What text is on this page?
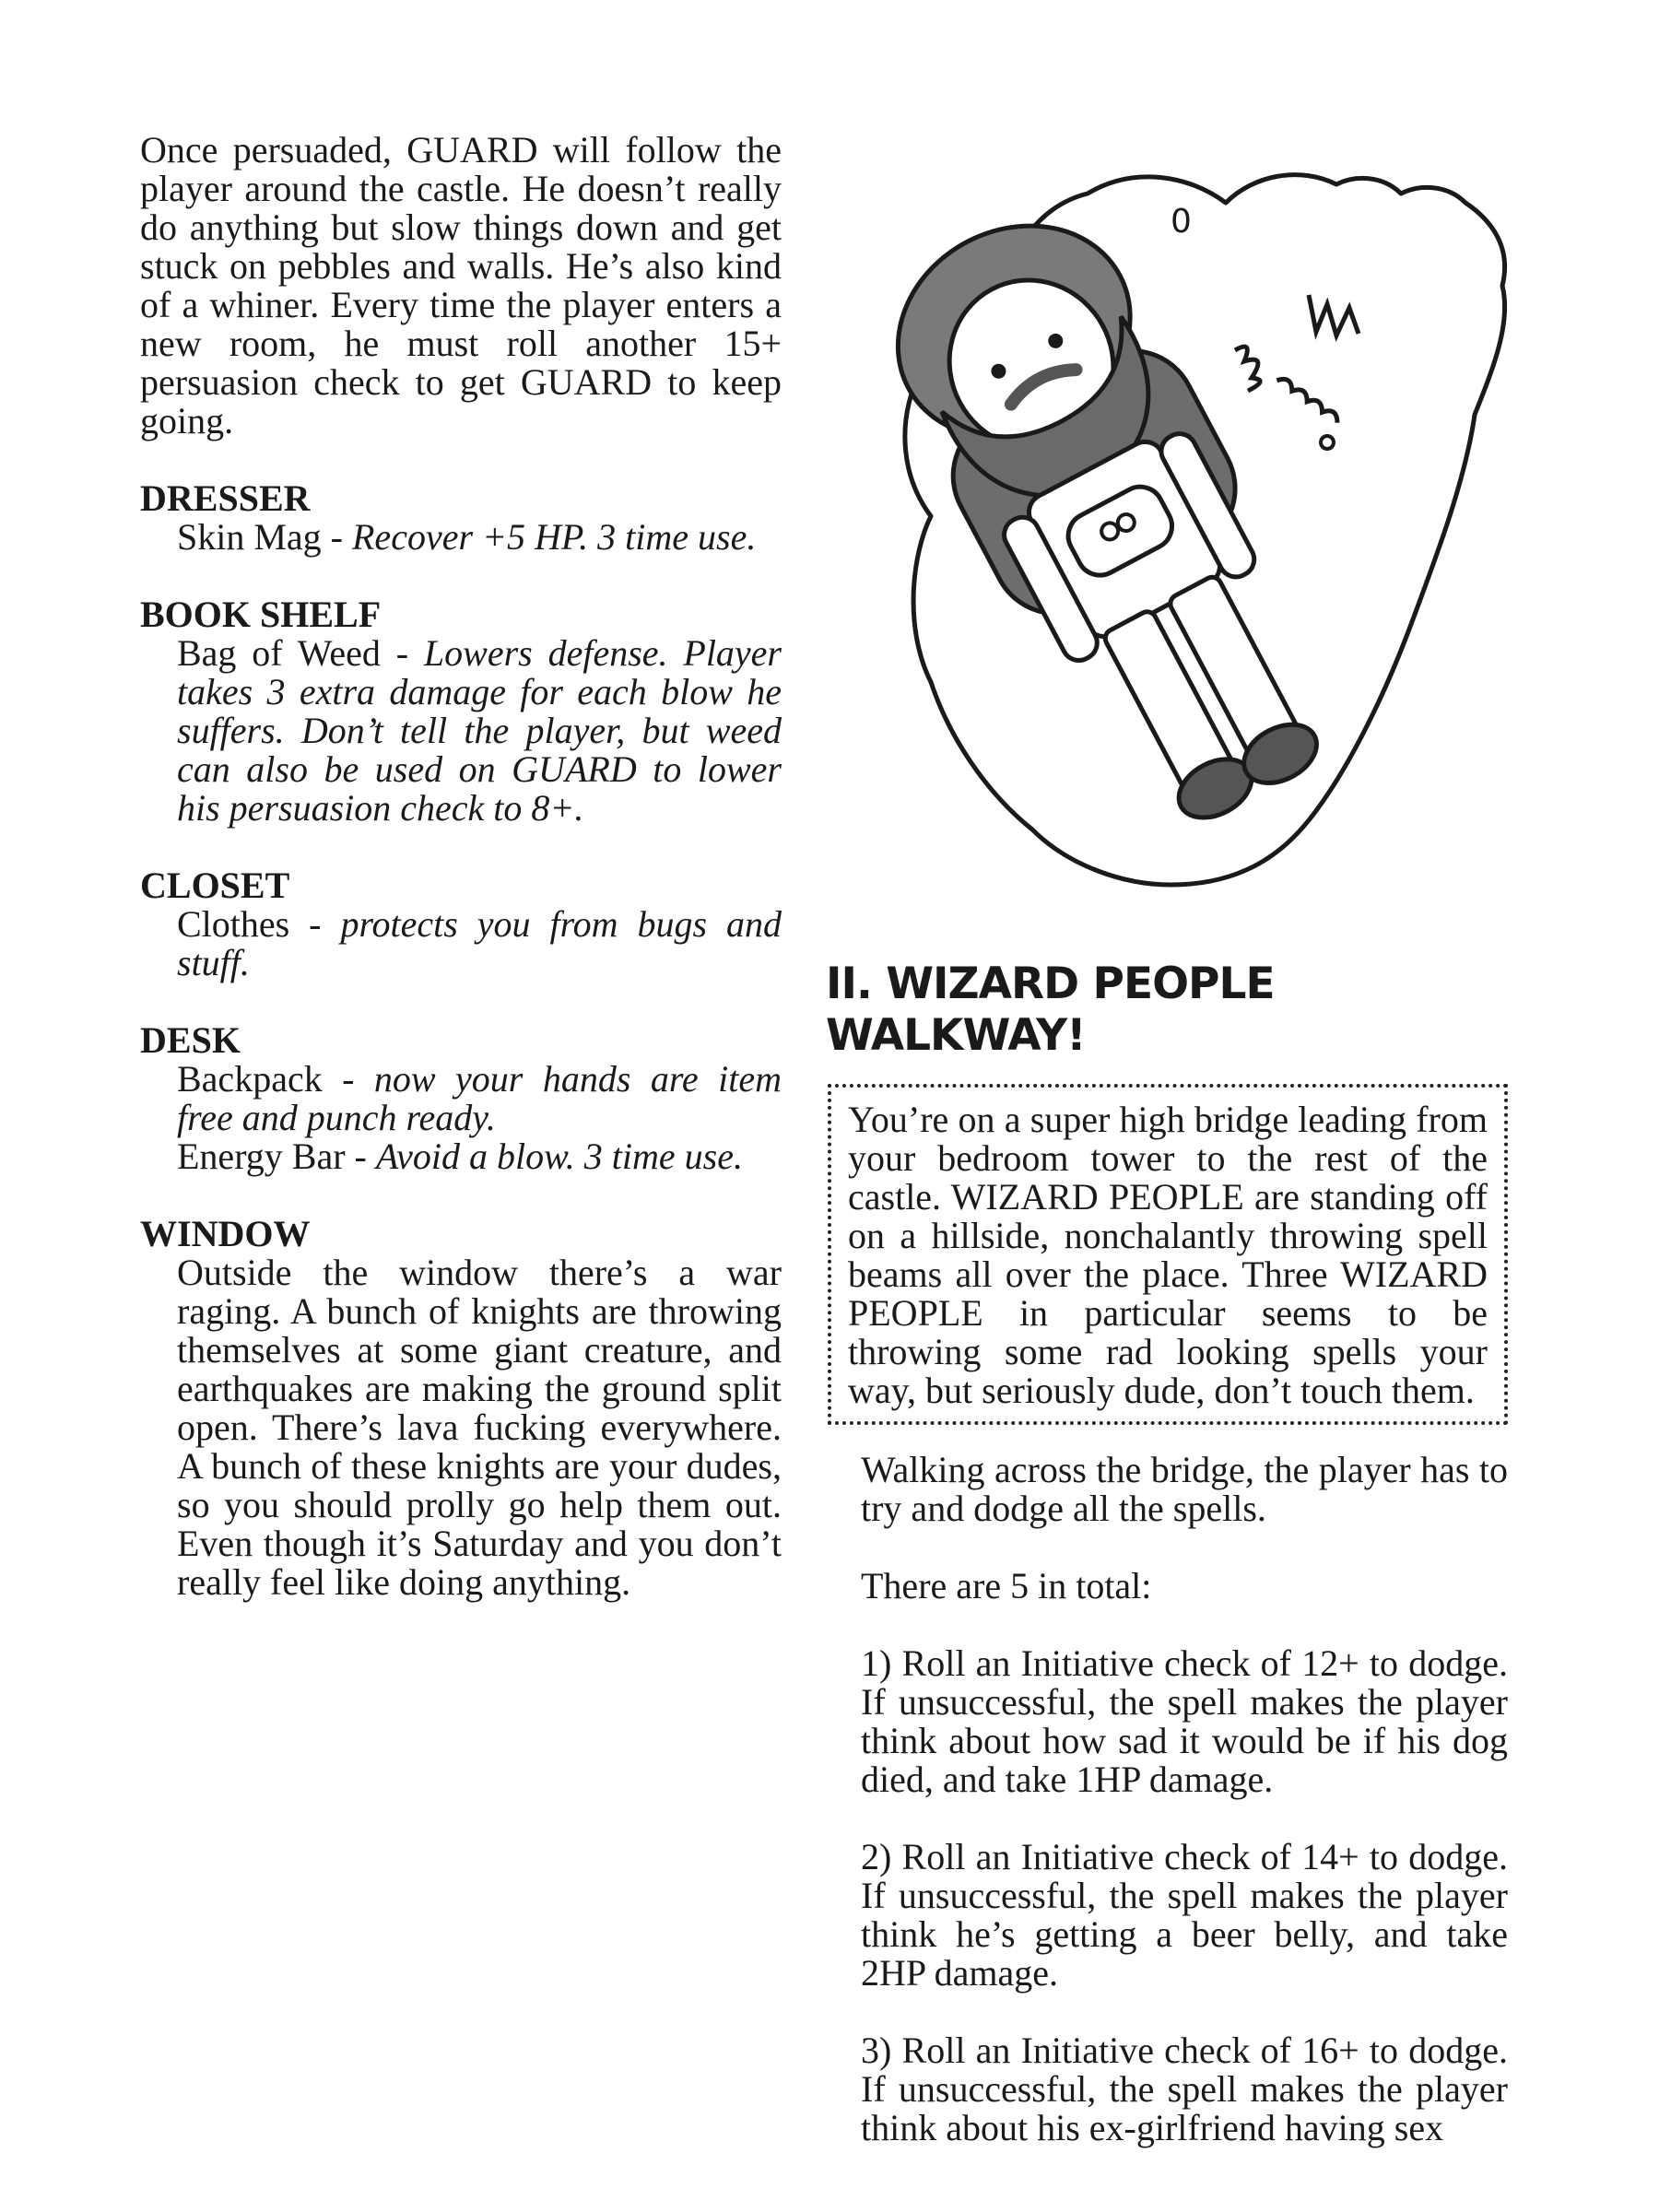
Once persuaded, GUARD will follow the player around the castle. He doesn’t really do anything but slow things down and get stuck on pebbles and walls. He’s also kind of a whiner. Every time the player enters a new room, he must roll another 15+ persuasion check to get GUARD to keep going.

DRESSER

Skin Mag - Recover +5 HP. 3 time use.

BOOK SHELF

Bag of Weed - Lowers defense. Player takes 3 extra damage for each blow he suffers. Don’t tell the player, but weed can also be used on GUARD to lower his persuasion check to 8+.

CLOSET

Clothes - protects you from bugs and stuff.

DESK

Backpack - now your hands are item free and punch ready.

Energy Bar - Avoid a blow. 3 time use.

WINDOW

Outside the window there’s a war raging. A bunch of knights are throwing themselves at some giant creature, and earthquakes are making the ground split open. There’s lava fucking everywhere. A bunch of these knights are your dudes, so you should prolly go help them out. Even though it’s Saturday and you don’t really feel like doing anything.

0
II. WIZARD PEOPLE WALKWAY!
You’re on a super high bridge leading from your bedroom tower to the rest of the castle. WIZARD PEOPLE are standing off on a hillside, nonchalantly throwing spell beams all over the place. Three WIZARD PEOPLE in particular seems to be throwing some rad looking spells your way, but seriously dude, don’t touch them.

Walking across the bridge, the player has to try and dodge all the spells.

There are 5 in total:

1) Roll an Initiative check of 12+ to dodge. If unsuccessful, the spell makes the player think about how sad it would be if his dog died, and take 1HP damage.

2) Roll an Initiative check of 14+ to dodge. If unsuccessful, the spell makes the player think he’s getting a beer belly, and take 2HP damage.

3) Roll an Initiative check of 16+ to dodge. If unsuccessful, the spell makes the player think about his ex-girlfriend having sex
